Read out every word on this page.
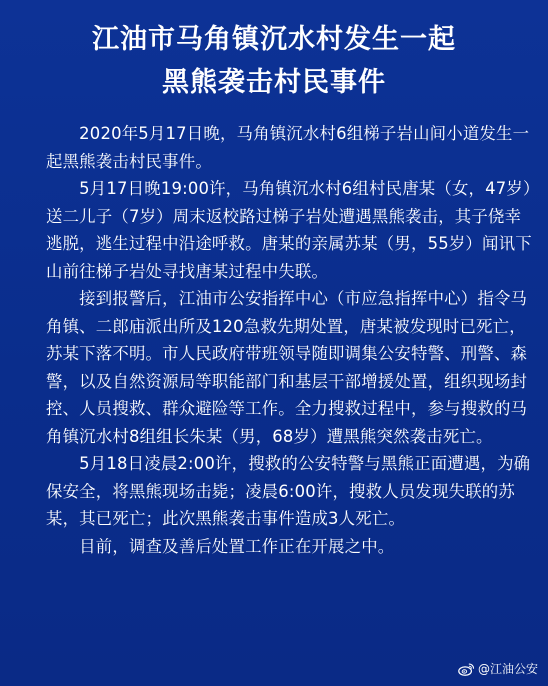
江油市马角镇沉水村发生一起
黑熊袭击村民事件

　　2020年5月17日晚，马角镇沉水村6组梯子岩山间小道发生一起黑熊袭击村民事件。

　　5月17日晚19:00许，马角镇沉水村6组村民唐某（女，47岁）送二儿子（7岁）周末返校路过梯子岩处遭遇黑熊袭击，其子侥幸逃脱，逃生过程中沿途呼救。唐某的亲属苏某（男，55岁）闻讯下山前往梯子岩处寻找唐某过程中失联。

　　接到报警后，江油市公安指挥中心（市应急指挥中心）指令马角镇、二郎庙派出所及120急救先期处置，唐某被发现时已死亡，苏某下落不明。市人民政府带班领导随即调集公安特警、刑警、森警，以及自然资源局等职能部门和基层干部增援处置，组织现场封控、人员搜救、群众避险等工作。全力搜救过程中，参与搜救的马角镇沉水村8组组长朱某（男，68岁）遭黑熊突然袭击死亡。

　　5月18日凌晨2:00许，搜救的公安特警与黑熊正面遭遇，为确保安全，将黑熊现场击毙；凌晨6:00许，搜救人员发现失联的苏某，其已死亡；此次黑熊袭击事件造成3人死亡。

　　目前，调查及善后处置工作正在开展之中。

@江油公安
